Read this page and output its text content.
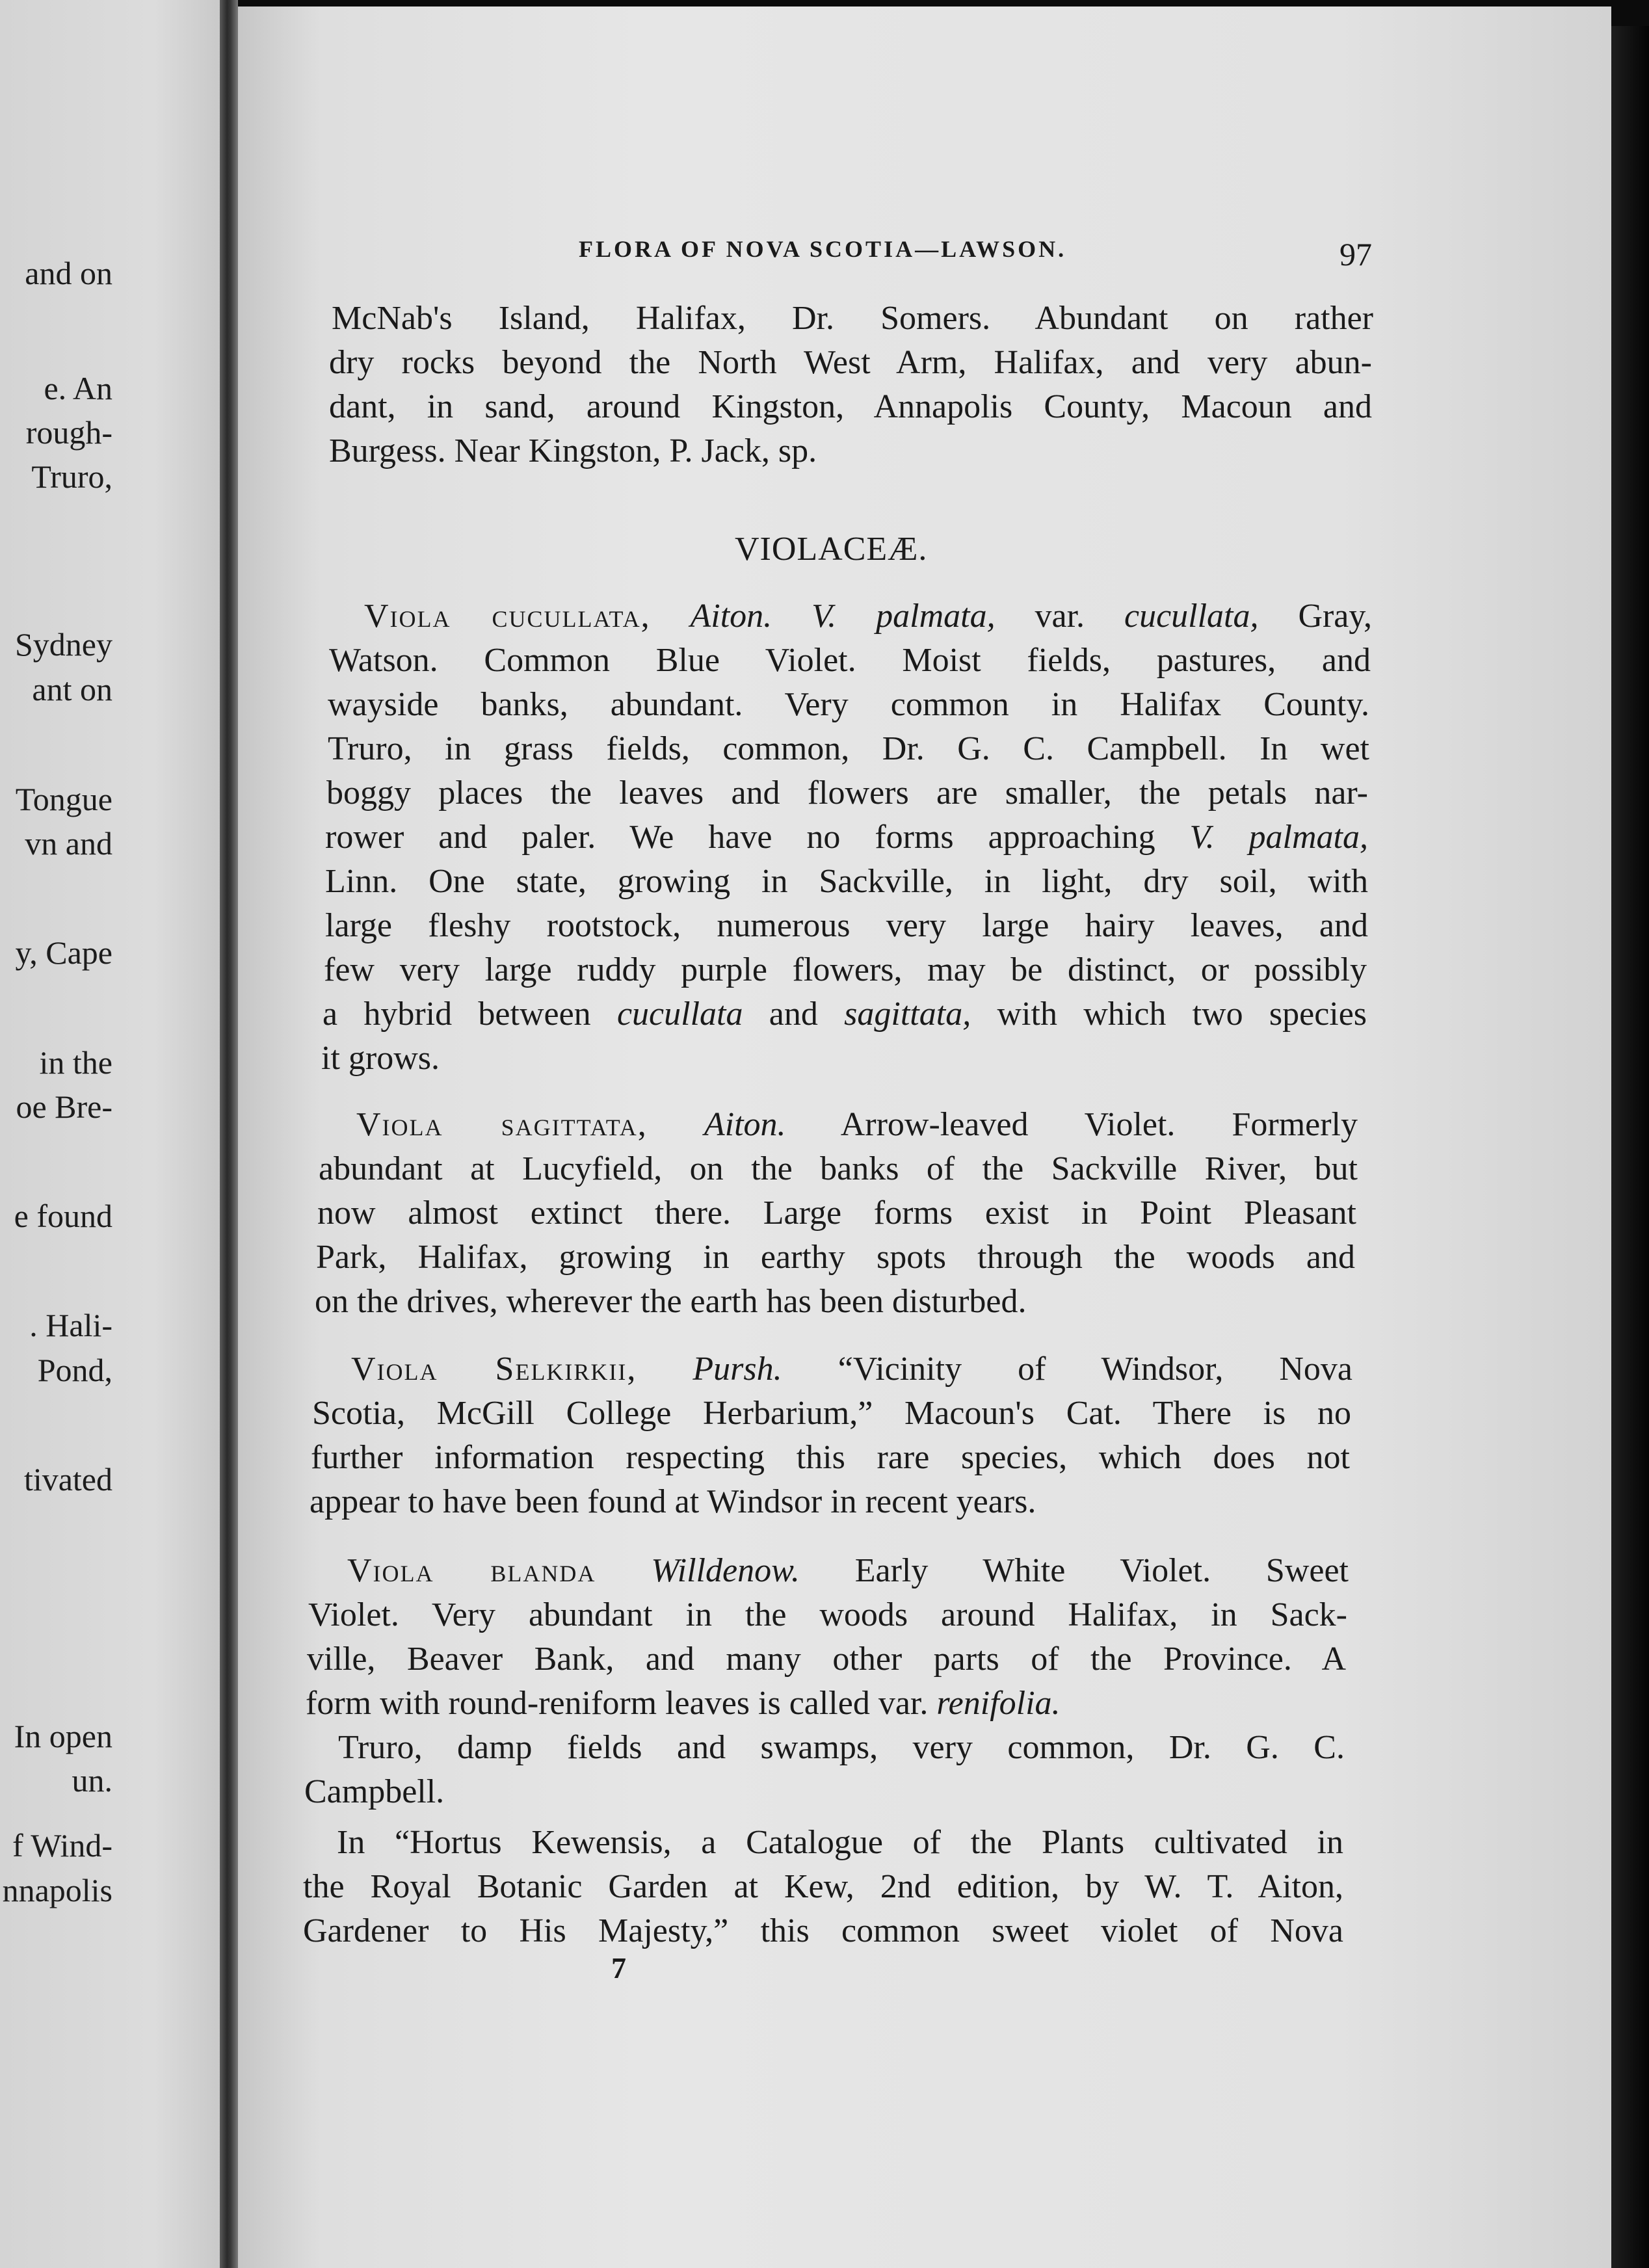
and on
e. An
rough-
Truro,
Sydney
ant on
Tongue
vn and
y, Cape
in the
oe Bre-
e found
. Hali-
Pond,
tivated
In open
un.
f Wind-
nnapolis
FLORA OF NOVA SCOTIA—LAWSON.	97
McNab's Island, Halifax, Dr. Somers. Abundant on rather
dry rocks beyond the North West Arm, Halifax, and very abun-
dant, in sand, around Kingston, Annapolis County, Macoun and
Burgess. Near Kingston, P. Jack, sp.
VIOLACEÆ.
Viola cucullata, Aiton. V. palmata, var. cucullata, Gray,
Watson. Common Blue Violet. Moist fields, pastures, and
wayside banks, abundant. Very common in Halifax County.
Truro, in grass fields, common, Dr. G. C. Campbell. In wet
boggy places the leaves and flowers are smaller, the petals nar-
rower and paler. We have no forms approaching V. palmata,
Linn. One state, growing in Sackville, in light, dry soil, with
large fleshy rootstock, numerous very large hairy leaves, and
few very large ruddy purple flowers, may be distinct, or possibly
a hybrid between cucullata and sagittata, with which two species
it grows.
Viola sagittata, Aiton. Arrow-leaved Violet. Formerly
abundant at Lucyfield, on the banks of the Sackville River, but
now almost extinct there. Large forms exist in Point Pleasant
Park, Halifax, growing in earthy spots through the woods and
on the drives, wherever the earth has been disturbed.
Viola Selkirkii, Pursh. “Vicinity of Windsor, Nova
Scotia, McGill College Herbarium,” Macoun's Cat. There is no
further information respecting this rare species, which does not
appear to have been found at Windsor in recent years.
Viola blanda Willdenow. Early White Violet. Sweet
Violet. Very abundant in the woods around Halifax, in Sack-
ville, Beaver Bank, and many other parts of the Province. A
form with round-reniform leaves is called var. renifolia.
Truro, damp fields and swamps, very common, Dr. G. C.
Campbell.
In “Hortus Kewensis, a Catalogue of the Plants cultivated in
the Royal Botanic Garden at Kew, 2nd edition, by W. T. Aiton,
Gardener to His Majesty,” this common sweet violet of Nova
7
